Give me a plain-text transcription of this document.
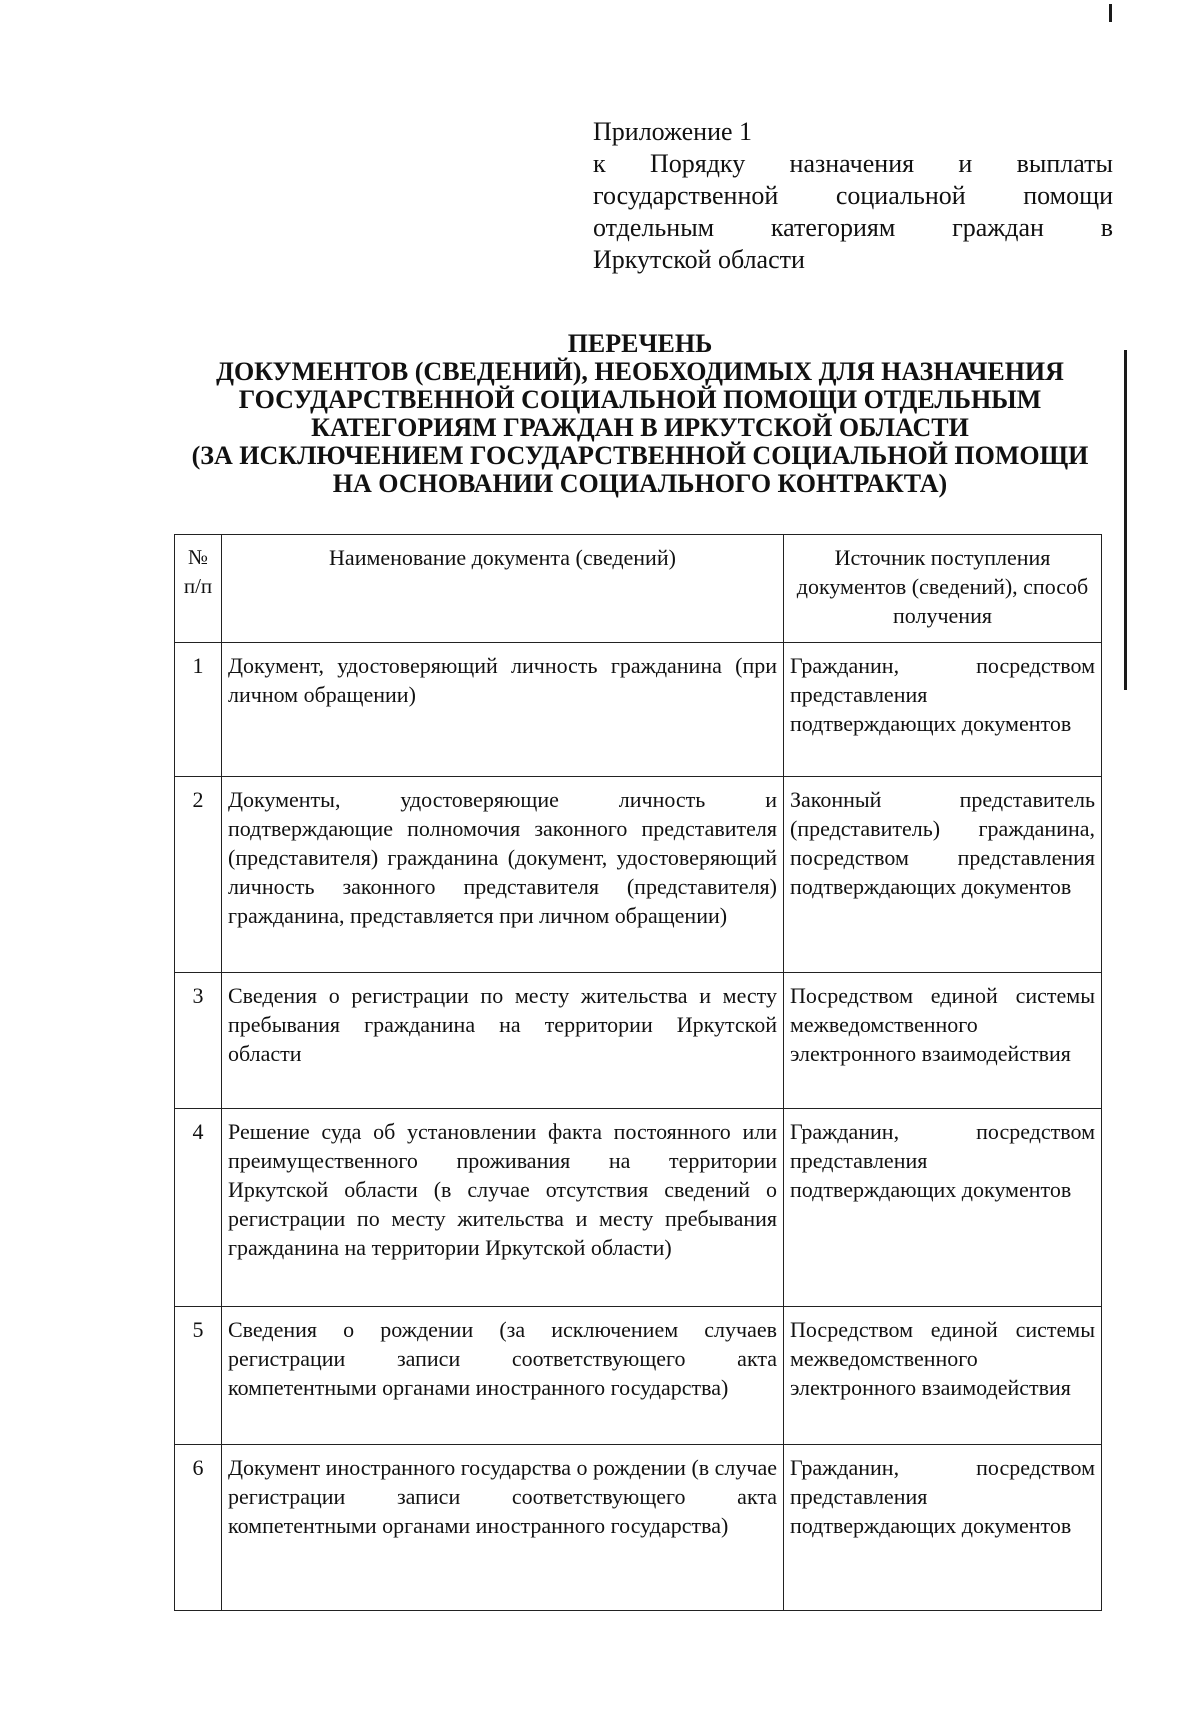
Приложение 1
к Порядку назначения и выплаты
государственной социальной помощи
отдельным категориям граждан в
Иркутской области
ПЕРЕЧЕНЬ
ДОКУМЕНТОВ (СВЕДЕНИЙ), НЕОБХОДИМЫХ ДЛЯ НАЗНАЧЕНИЯ
ГОСУДАРСТВЕННОЙ СОЦИАЛЬНОЙ ПОМОЩИ ОТДЕЛЬНЫМ
КАТЕГОРИЯМ ГРАЖДАН В ИРКУТСКОЙ ОБЛАСТИ
(ЗА ИСКЛЮЧЕНИЕМ ГОСУДАРСТВЕННОЙ СОЦИАЛЬНОЙ ПОМОЩИ
НА ОСНОВАНИИ СОЦИАЛЬНОГО КОНТРАКТА)
№ п/п	Наименование документа (сведений)	Источник поступления документов (сведений), способ получения
1	Документ, удостоверяющий личность гражданина (при личном обращении)	Гражданин, посредством представления подтверждающих документов
2	Документы, удостоверяющие личность и подтверждающие полномочия законного представителя (представителя) гражданина (документ, удостоверяющий личность законного представителя (представителя) гражданина, представляется при личном обращении)	Законный представитель (представитель) гражданина, посредством представления подтверждающих документов
3	Сведения о регистрации по месту жительства и месту пребывания гражданина на территории Иркутской области	Посредством единой системы межведомственного электронного взаимодействия
4	Решение суда об установлении факта постоянного или преимущественного проживания на территории Иркутской области (в случае отсутствия сведений о регистрации по месту жительства и месту пребывания гражданина на территории Иркутской области)	Гражданин, посредством представления подтверждающих документов
5	Сведения о рождении (за исключением случаев регистрации записи соответствующего акта компетентными органами иностранного государства)	Посредством единой системы межведомственного электронного взаимодействия
6	Документ иностранного государства о рождении (в случае регистрации записи соответствующего акта компетентными органами иностранного государства)	Гражданин, посредством представления подтверждающих документов
